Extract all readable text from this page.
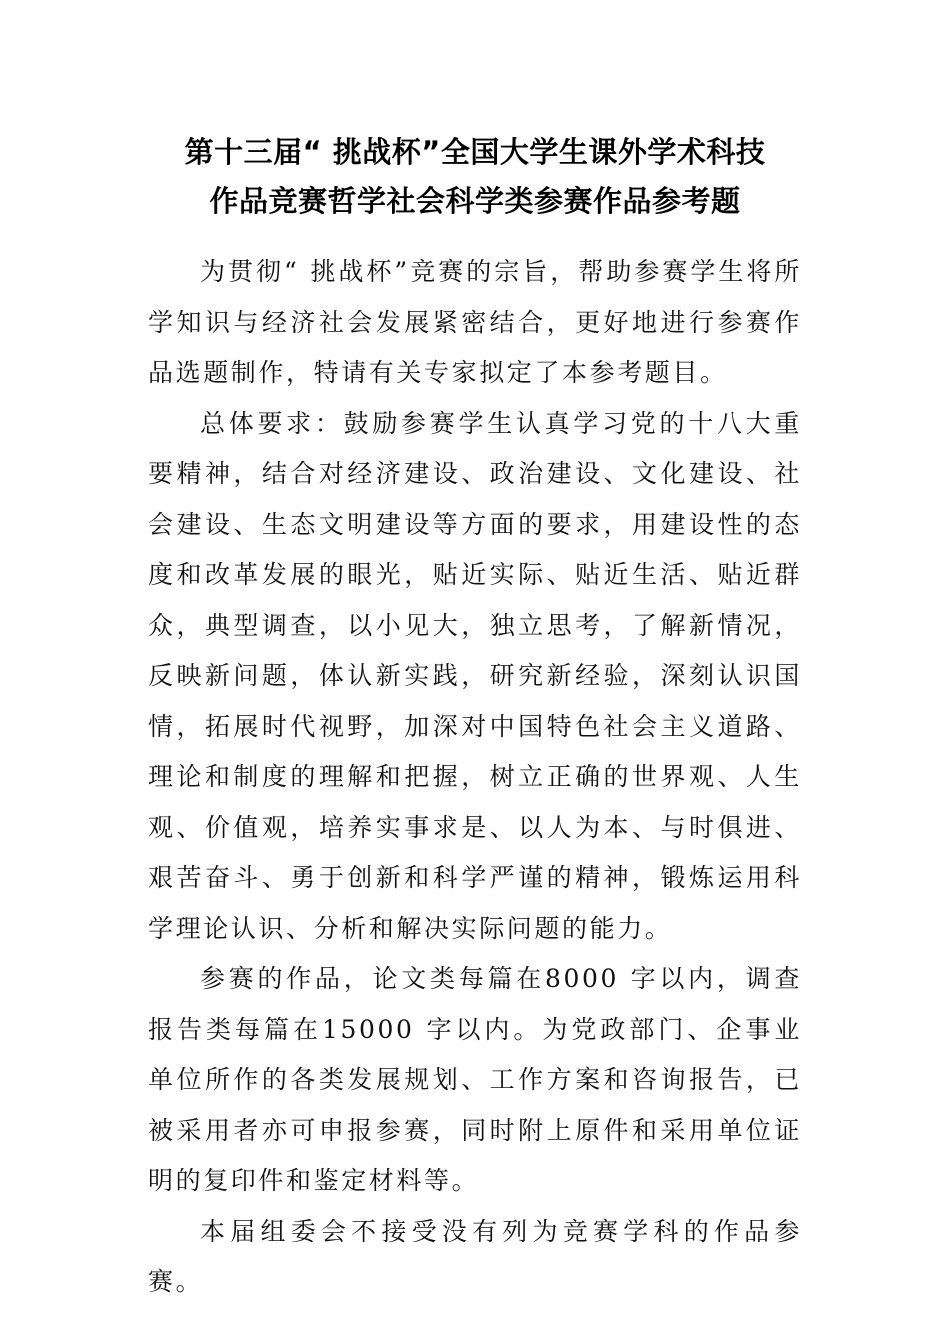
第十三届“ 挑战杯”全国大学生课外学术科技
作品竞赛哲学社会科学类参赛作品参考题

为贯彻“ 挑战杯”竞赛的宗旨，帮助参赛学生将所学知识与经济社会发展紧密结合，更好地进行参赛作品选题制作，特请有关专家拟定了本参考题目。

总体要求：鼓励参赛学生认真学习党的十八大重要精神，结合对经济建设、政治建设、文化建设、社会建设、生态文明建设等方面的要求，用建设性的态度和改革发展的眼光，贴近实际、贴近生活、贴近群众，典型调查，以小见大，独立思考，了解新情况，反映新问题，体认新实践，研究新经验，深刻认识国情，拓展时代视野，加深对中国特色社会主义道路、理论和制度的理解和把握，树立正确的世界观、人生观、价值观，培养实事求是、以人为本、与时俱进、艰苦奋斗、勇于创新和科学严谨的精神，锻炼运用科学理论认识、分析和解决实际问题的能力。

参赛的作品，论文类每篇在8000 字以内，调查报告类每篇在15000 字以内。为党政部门、企事业单位所作的各类发展规划、工作方案和咨询报告，已被采用者亦可申报参赛，同时附上原件和采用单位证明的复印件和鉴定材料等。

本届组委会不接受没有列为竞赛学科的作品参赛。
